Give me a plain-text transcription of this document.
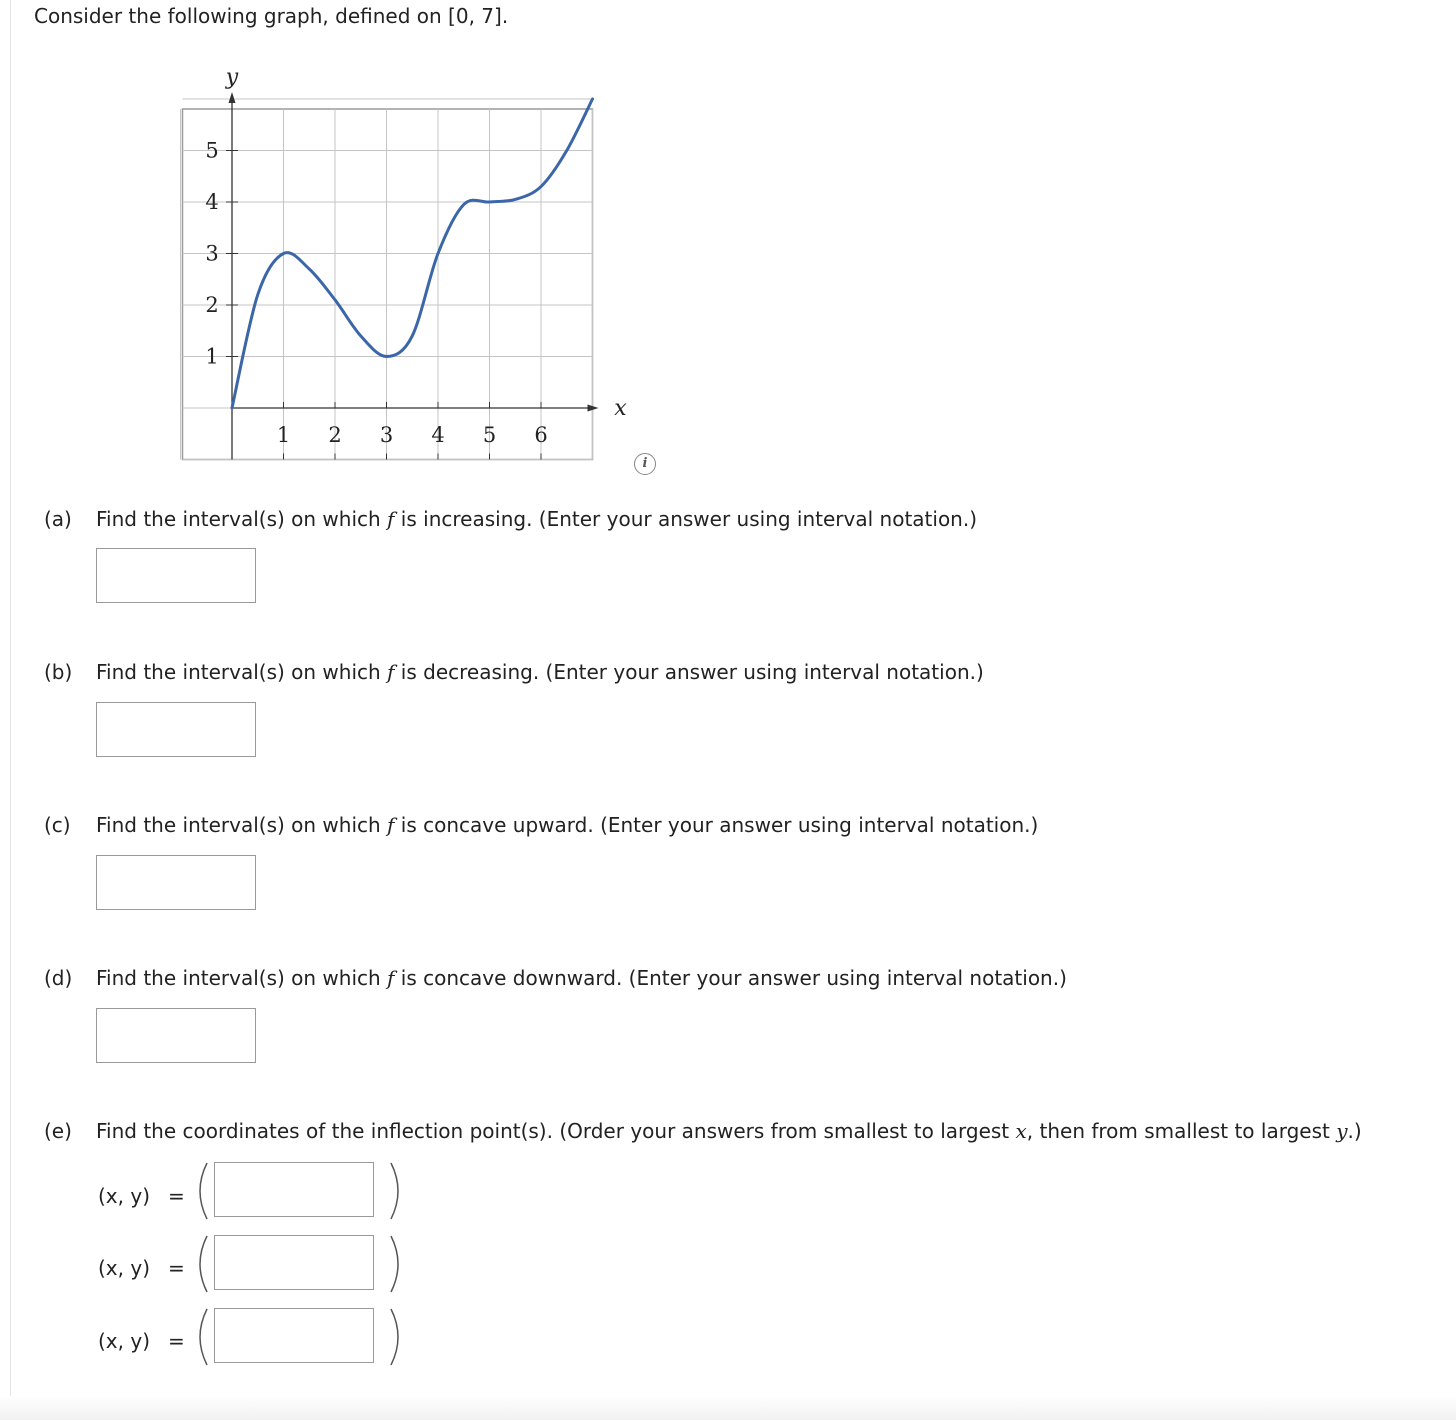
Consider the following graph, defined on [0, 7].
1 2 3 4 5 6
1
2
3
4
5
x
y
i
(a) Find the interval(s) on which f is increasing. (Enter your answer using interval notation.)
(b) Find the interval(s) on which f is decreasing. (Enter your answer using interval notation.)
(c) Find the interval(s) on which f is concave upward. (Enter your answer using interval notation.)
(d) Find the interval(s) on which f is concave downward. (Enter your answer using interval notation.)
(e) Find the coordinates of the inflection point(s). (Order your answers from smallest to largest x, then from smallest to largest y.)
(x, y) =
(x, y) =
(x, y) =
